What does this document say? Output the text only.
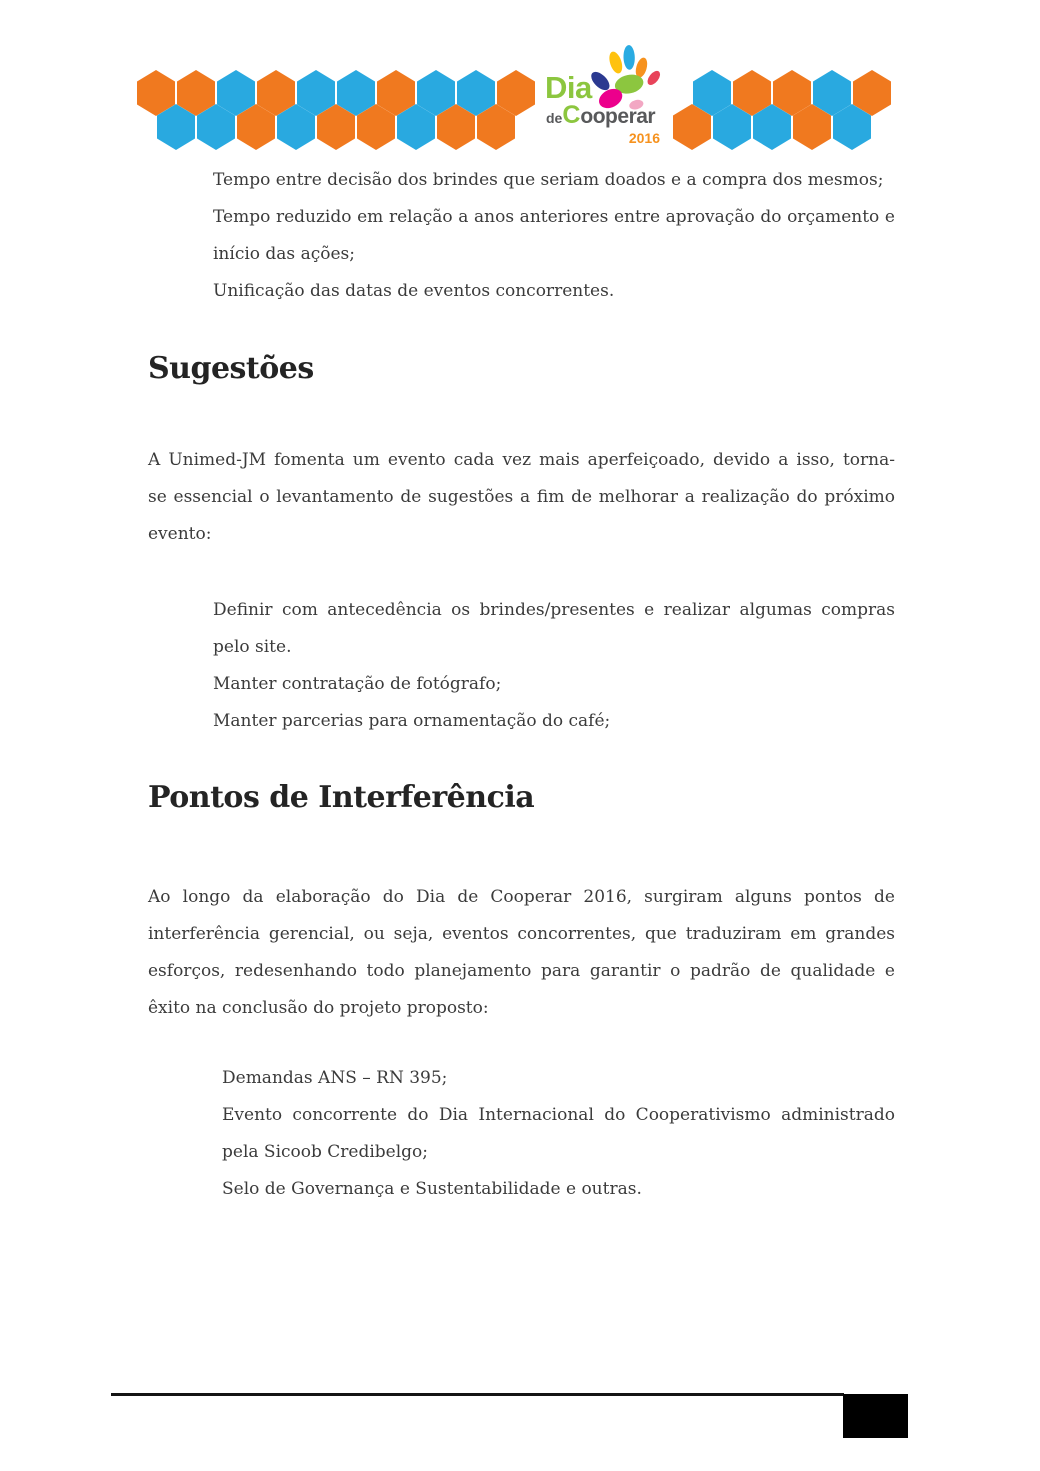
Dia
de C ooperar
2016
Tempo entre decisão dos brindes que seriam doados e a compra dos mesmos;
Tempo reduzido em relação a anos anteriores entre aprovação do orçamento e
início das ações;
Unificação das datas de eventos concorrentes.
Sugestões
A Unimed-JM fomenta um evento cada vez mais aperfeiçoado, devido a isso, torna-
se essencial o levantamento de sugestões a fim de melhorar a realização do próximo
evento:
Definir com antecedência os brindes/presentes e realizar algumas compras
pelo site.
Manter contratação de fotógrafo;
Manter parcerias para ornamentação do café;
Pontos de Interferência
Ao longo da elaboração do Dia de Cooperar 2016, surgiram alguns pontos de
interferência gerencial, ou seja, eventos concorrentes, que traduziram em grandes
esforços, redesenhando todo planejamento para garantir o padrão de qualidade e
êxito na conclusão do projeto proposto:
Demandas ANS – RN 395;
Evento concorrente do Dia Internacional do Cooperativismo administrado
pela Sicoob Credibelgo;
Selo de Governança e Sustentabilidade e outras.
